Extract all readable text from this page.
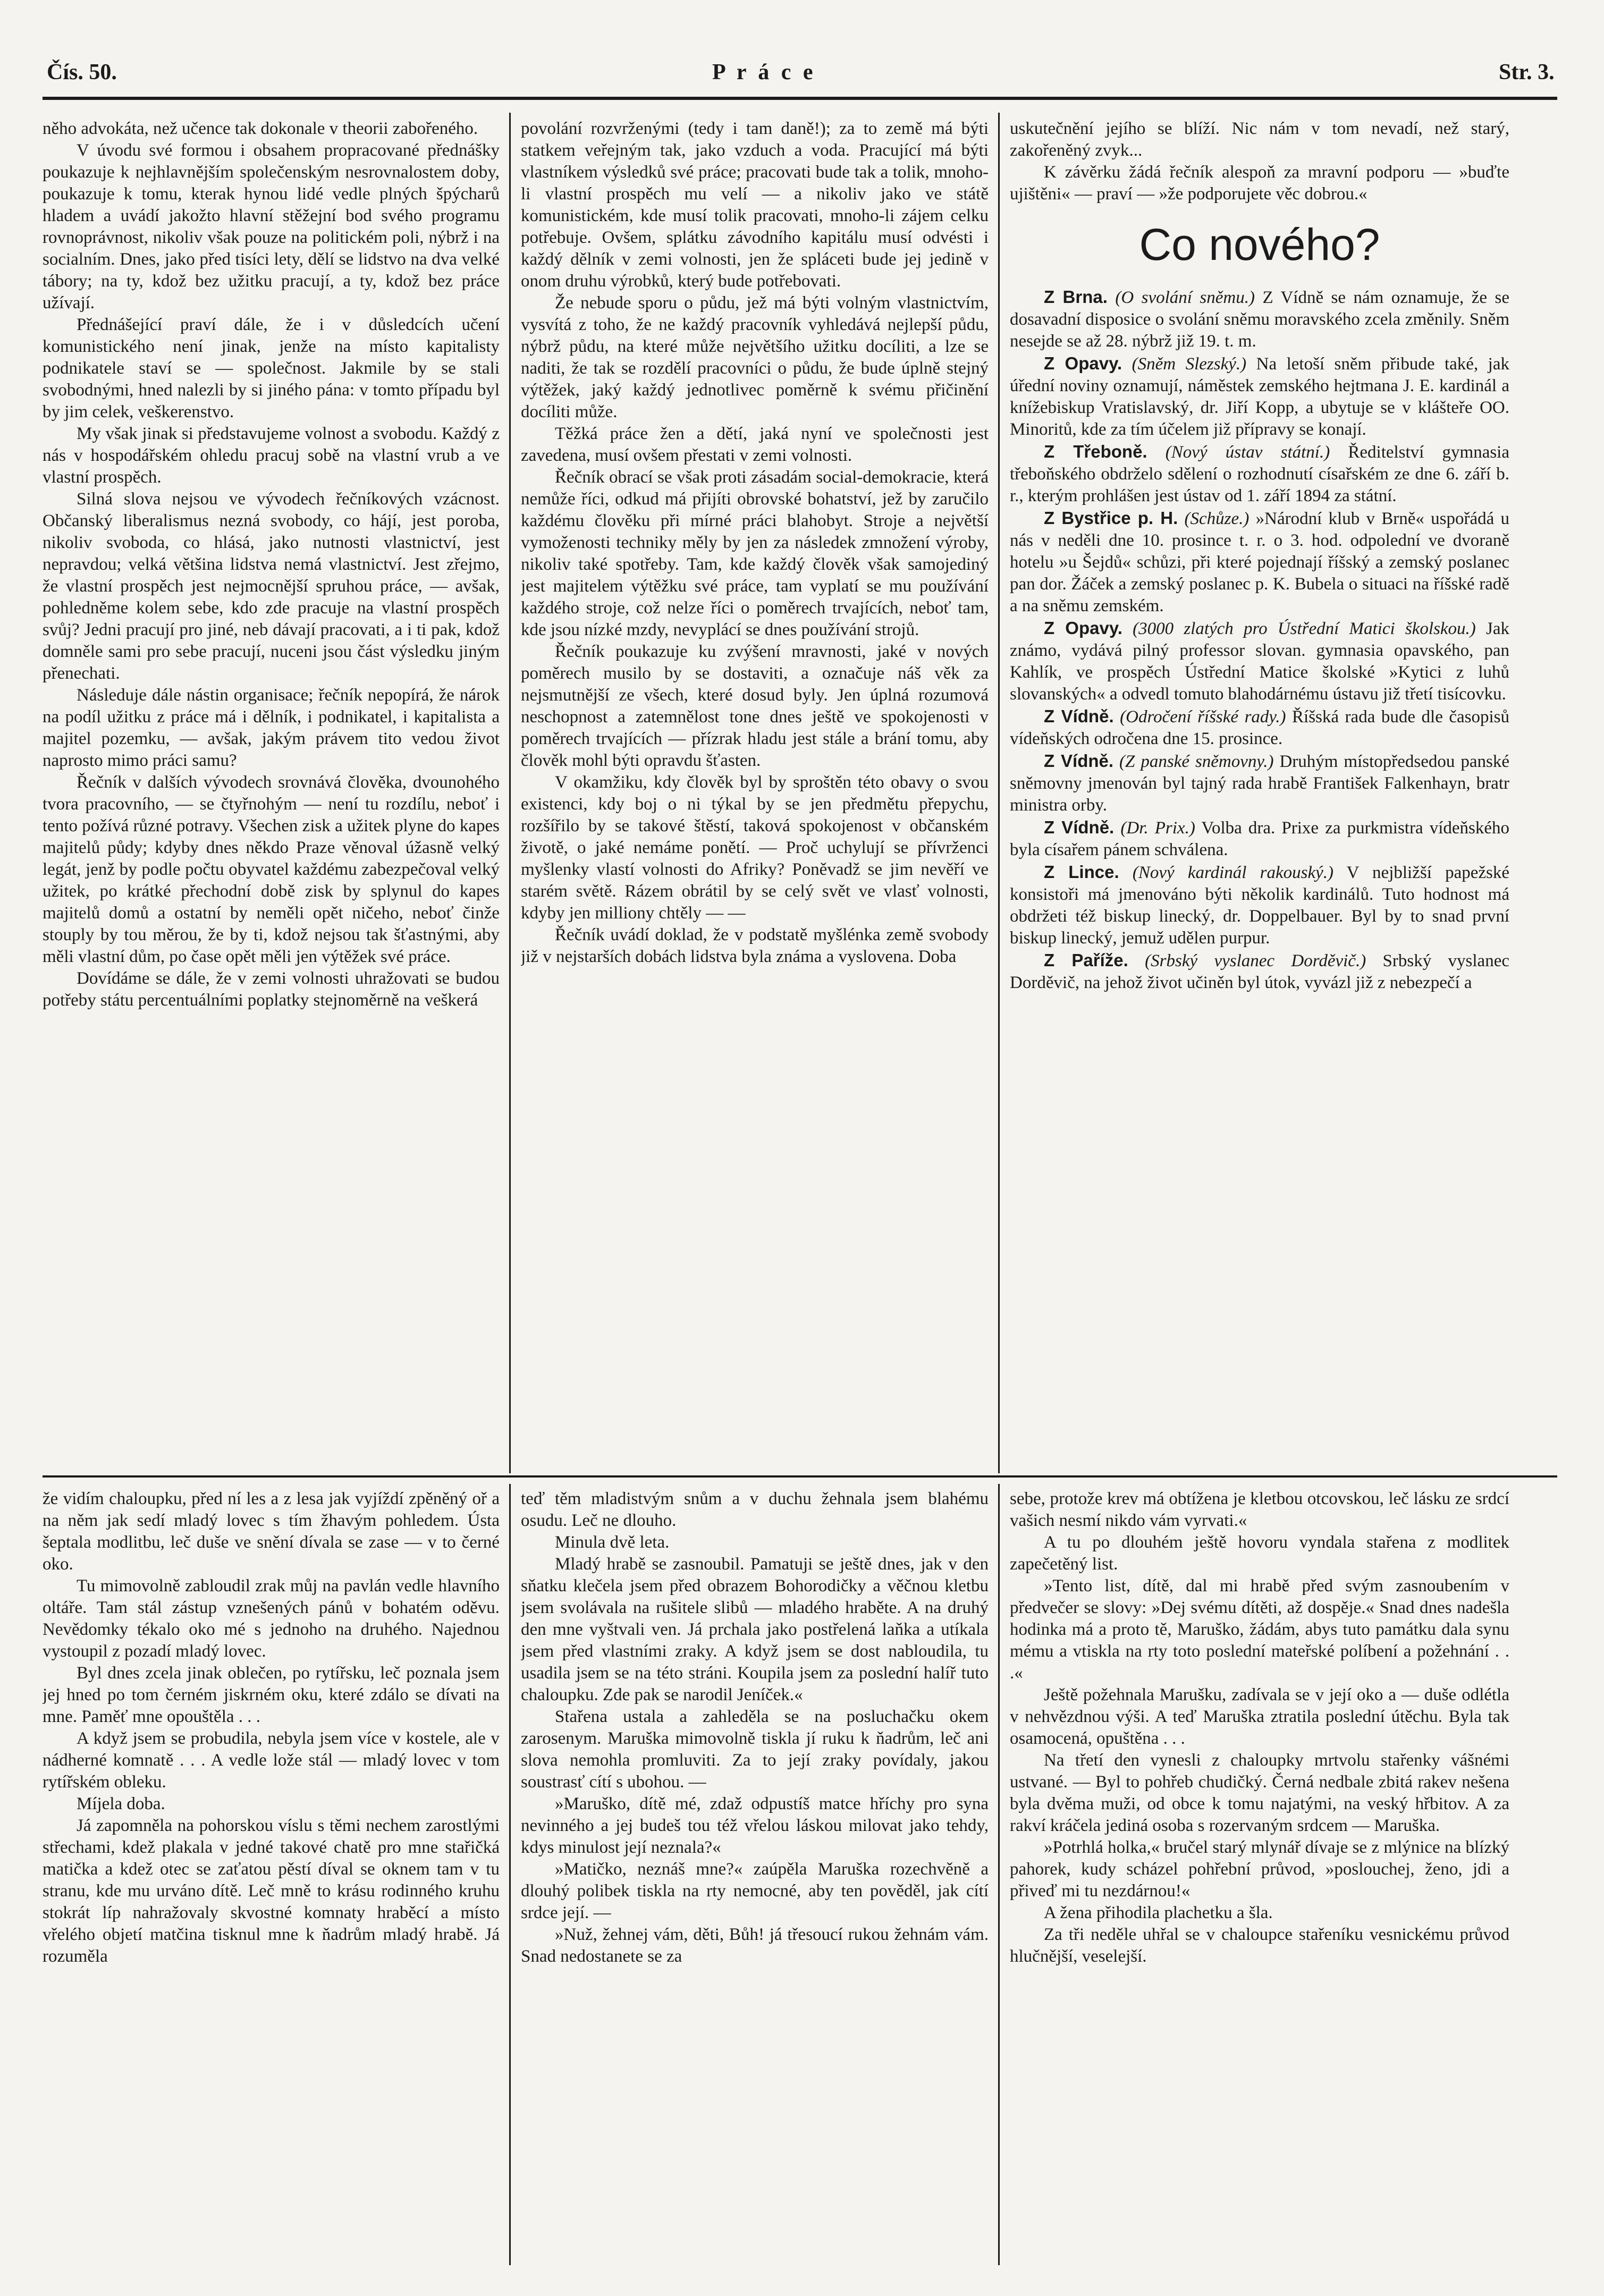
Čís. 50.	P r á c e	Str. 3.

něho advokáta, než učence tak dokonale v theorii zabořeného.

V úvodu své formou i obsahem propracované přednášky poukazuje k nejhlavnějším společenským nesrovnalostem doby, poukazuje k tomu, kterak hynou lidé vedle plných špýcharů hladem a uvádí jakožto hlavní stěžejní bod svého programu rovnoprávnost, nikoliv však pouze na politickém poli, nýbrž i na socialním. Dnes, jako před tisíci lety, dělí se lidstvo na dva velké tábory; na ty, kdož bez užitku pracují, a ty, kdož bez práce užívají.

Přednášející praví dále, že i v důsledcích učení komunistického není jinak, jenže na místo kapitalisty podnikatele staví se — společnost. Jakmile by se stali svobodnými, hned nalezli by si jiného pána: v tomto případu byl by jim celek, veškerenstvo.

My však jinak si představujeme volnost a svobodu. Každý z nás v hospodářském ohledu pracuj sobě na vlastní vrub a ve vlastní prospěch.

Silná slova nejsou ve vývodech řečníkových vzácnost. Občanský liberalismus nezná svobody, co hájí, jest poroba, nikoliv svoboda, co hlásá, jako nutnosti vlastnictví, jest nepravdou; velká většina lidstva nemá vlastnictví. Jest zřejmo, že vlastní prospěch jest nejmocnější spruhou práce, — avšak, pohledněme kolem sebe, kdo zde pracuje na vlastní prospěch svůj? Jedni pracují pro jiné, neb dávají pracovati, a i ti pak, kdož domněle sami pro sebe pracují, nuceni jsou část výsledku jiným přenechati.

Následuje dále nástin organisace; řečník nepopírá, že nárok na podíl užitku z práce má i dělník, i podnikatel, i kapitalista a majitel pozemku, — avšak, jakým právem tito vedou život naprosto mimo práci samu?

Řečník v dalších vývodech srovnává člověka, dvounohého tvora pracovního, — se čtyřnohým — není tu rozdílu, neboť i tento požívá různé potravy. Všechen zisk a užitek plyne do kapes majitelů půdy; kdyby dnes někdo Praze věnoval úžasně velký legát, jenž by podle počtu obyvatel každému zabezpečoval velký užitek, po krátké přechodní době zisk by splynul do kapes majitelů domů a ostatní by neměli opět ničeho, neboť činže stouply by tou měrou, že by ti, kdož nejsou tak šťastnými, aby měli vlastní dům, po čase opět měli jen výtěžek své práce.

Dovídáme se dále, že v zemi volnosti uhražovati se budou potřeby státu percentuálními poplatky stejnoměrně na veškerá

povolání rozvrženými (tedy i tam daně!); za to země má býti statkem veřejným tak, jako vzduch a voda. Pracující má býti vlastníkem výsledků své práce; pracovati bude tak a tolik, mnoho-li vlastní prospěch mu velí — a nikoliv jako ve státě komunistickém, kde musí tolik pracovati, mnoho-li zájem celku potřebuje. Ovšem, splátku závodního kapitálu musí odvésti i každý dělník v zemi volnosti, jen že spláceti bude jej jedině v onom druhu výrobků, který bude potřebovati.

Že nebude sporu o půdu, jež má býti volným vlastnictvím, vysvítá z toho, že ne každý pracovník vyhledává nejlepší půdu, nýbrž půdu, na které může největšího užitku docíliti, a lze se naditi, že tak se rozdělí pracovníci o půdu, že bude úplně stejný výtěžek, jaký každý jednotlivec poměrně k svému přičinění docíliti může.

Těžká práce žen a dětí, jaká nyní ve společnosti jest zavedena, musí ovšem přestati v zemi volnosti.

Řečník obrací se však proti zásadám social-demokracie, která nemůže říci, odkud má přijíti obrovské bohatství, jež by zaručilo každému člověku při mírné práci blahobyt. Stroje a největší vymoženosti techniky měly by jen za následek zmnožení výroby, nikoliv také spotřeby. Tam, kde každý člověk však samojediný jest majitelem výtěžku své práce, tam vyplatí se mu používání každého stroje, což nelze říci o poměrech trvajících, neboť tam, kde jsou nízké mzdy, nevyplácí se dnes používání strojů.

Řečník poukazuje ku zvýšení mravnosti, jaké v nových poměrech musilo by se dostaviti, a označuje náš věk za nejsmutnější ze všech, které dosud byly. Jen úplná rozumová neschopnost a zatemnělost tone dnes ještě ve spokojenosti v poměrech trvajících — přízrak hladu jest stále a brání tomu, aby člověk mohl býti opravdu šťasten.

V okamžiku, kdy člověk byl by sproštěn této obavy o svou existenci, kdy boj o ni týkal by se jen předmětu přepychu, rozšířilo by se takové štěstí, taková spokojenost v občanském životě, o jaké nemáme ponětí. — Proč uchylují se přívrženci myšlenky vlastí volnosti do Afriky? Poněvadž se jim nevěří ve starém světě. Rázem obrátil by se celý svět ve vlasť volnosti, kdyby jen milliony chtěly — —

Řečník uvádí doklad, že v podstatě myšlénka země svobody již v nejstarších dobách lidstva byla známa a vyslovena. Doba

uskutečnění jejího se blíží. Nic nám v tom nevadí, než starý, zakořeněný zvyk...

K závěrku žádá řečník alespoň za mravní podporu — »buďte ujištěni« — praví — »že podporujete věc dobrou.«

Co nového?

Z Brna. (O svolání sněmu.) Z Vídně se nám oznamuje, že se dosavadní disposice o svolání sněmu moravského zcela změnily. Sněm nesejde se až 28. nýbrž již 19. t. m.

Z Opavy. (Sněm Slezský.) Na letoší sněm přibude také, jak úřední noviny oznamují, náměstek zemského hejtmana J. E. kardinál a knížebiskup Vratislavský, dr. Jiří Kopp, a ubytuje se v klášteře OO. Minoritů, kde za tím účelem již přípravy se konají.

Z Třeboně. (Nový ústav státní.) Ředitelství gymnasia třeboňského obdrželo sdělení o rozhodnutí císařském ze dne 6. září b. r., kterým prohlášen jest ústav od 1. září 1894 za státní.

Z Bystřice p. H. (Schůze.) »Národní klub v Brně« uspořádá u nás v neděli dne 10. prosince t. r. o 3. hod. odpolední ve dvoraně hotelu »u Šejdů« schůzi, při které pojednají říšský a zemský poslanec pan dor. Žáček a zemský poslanec p. K. Bubela o situaci na říšské radě a na sněmu zemském.

Z Opavy. (3000 zlatých pro Ústřední Matici školskou.) Jak známo, vydává pilný professor slovan. gymnasia opavského, pan Kahlík, ve prospěch Ústřední Matice školské »Kytici z luhů slovanských« a odvedl tomuto blahodárnému ústavu již třetí tisícovku.

Z Vídně. (Odročení říšské rady.) Říšská rada bude dle časopisů vídeňských odročena dne 15. prosince.

Z Vídně. (Z panské sněmovny.) Druhým místopředsedou panské sněmovny jmenován byl tajný rada hrabě František Falkenhayn, bratr ministra orby.

Z Vídně. (Dr. Prix.) Volba dra. Prixe za purkmistra vídeňského byla císařem pánem schválena.

Z Lince. (Nový kardinál rakouský.) V nejbližší papežské konsistoři má jmenováno býti několik kardinálů. Tuto hodnost má obdržeti též biskup linecký, dr. Doppelbauer. Byl by to snad první biskup linecký, jemuž udělen purpur.

Z Paříže. (Srbský vyslanec Dorděvič.) Srbský vyslanec Dorděvič, na jehož život učiněn byl útok, vyvázl již z nebezpečí a

že vidím chaloupku, před ní les a z lesa jak vyjíždí zpěněný oř a na něm jak sedí mladý lovec s tím žhavým pohledem. Ústa šeptala modlitbu, leč duše ve snění dívala se zase — v to černé oko.

Tu mimovolně zabloudil zrak můj na pavlán vedle hlavního oltáře. Tam stál zástup vznešených pánů v bohatém oděvu. Nevědomky tékalo oko mé s jednoho na druhého. Najednou vystoupil z pozadí mladý lovec.

Byl dnes zcela jinak oblečen, po rytířsku, leč poznala jsem jej hned po tom černém jiskrném oku, které zdálo se dívati na mne. Paměť mne opouštěla . . .

A když jsem se probudila, nebyla jsem více v kostele, ale v nádherné komnatě . . . A vedle lože stál — mladý lovec v tom rytířském obleku.

Míjela doba.

Já zapomněla na pohorskou víslu s těmi nechem zarostlými střechami, kdež plakala v jedné takové chatě pro mne stařičká matička a kdež otec se zaťatou pěstí díval se oknem tam v tu stranu, kde mu urváno dítě. Leč mně to krásu rodinného kruhu stokrát líp nahražovaly skvostné komnaty hraběcí a místo vřelého objetí matčina tisknul mne k ňadrům mladý hrabě. Já rozuměla

teď těm mladistvým snům a v duchu žehnala jsem blahému osudu. Leč ne dlouho.

Minula dvě leta.

Mladý hrabě se zasnoubil. Pamatuji se ještě dnes, jak v den sňatku klečela jsem před obrazem Bohorodičky a věčnou kletbu jsem svolávala na rušitele slibů — mladého hraběte. A na druhý den mne vyštvali ven. Já prchala jako postřelená laňka a utíkala jsem před vlastními zraky. A když jsem se dost nabloudila, tu usadila jsem se na této stráni. Koupila jsem za poslední halíř tuto chaloupku. Zde pak se narodil Jeníček.«

Stařena ustala a zahleděla se na posluchačku okem zarosenym. Maruška mimovolně tiskla jí ruku k ňadrům, leč ani slova nemohla promluviti. Za to její zraky povídaly, jakou soustrasť cítí s ubohou. —

»Maruško, dítě mé, zdaž odpustíš matce hříchy pro syna nevinného a jej budeš tou též vřelou láskou milovat jako tehdy, kdys minulost její neznala?«

»Matičko, neznáš mne?« zaúpěla Maruška rozechvěně a dlouhý polibek tiskla na rty nemocné, aby ten pověděl, jak cítí srdce její. —

»Nuž, žehnej vám, děti, Bůh! já třesoucí rukou žehnám vám. Snad nedostanete se za

sebe, protože krev má obtížena je kletbou otcovskou, leč lásku ze srdcí vašich nesmí nikdo vám vyrvati.«

A tu po dlouhém ještě hovoru vyndala stařena z modlitek zapečetěný list.

»Tento list, dítě, dal mi hrabě před svým zasnoubením v předvečer se slovy: »Dej svému dítěti, až dospěje.« Snad dnes nadešla hodinka má a proto tě, Maruško, žádám, abys tuto památku dala synu mému a vtiskla na rty toto poslední mateřské políbení a požehnání . . .«

Ještě požehnala Marušku, zadívala se v její oko a — duše odlétla v nehvězdnou výši. A teď Maruška ztratila poslední útěchu. Byla tak osamocená, opuštěna . . .

Na třetí den vynesli z chaloupky mrtvolu stařenky vášnémi ustvané. — Byl to pohřeb chudičký. Černá nedbale zbitá rakev nešena byla dvěma muži, od obce k tomu najatými, na veský hřbitov. A za rakví kráčela jediná osoba s rozervaným srdcem — Maruška.

»Potrhlá holka,« bručel starý mlynář dívaje se z mlýnice na blízký pahorek, kudy scházel pohřební průvod, »poslouchej, ženo, jdi a přiveď mi tu nezdárnou!«

A žena přihodila plachetku a šla.

Za tři neděle uhřal se v chaloupce stařeníku vesnickému průvod hlučnější, veselejší.
